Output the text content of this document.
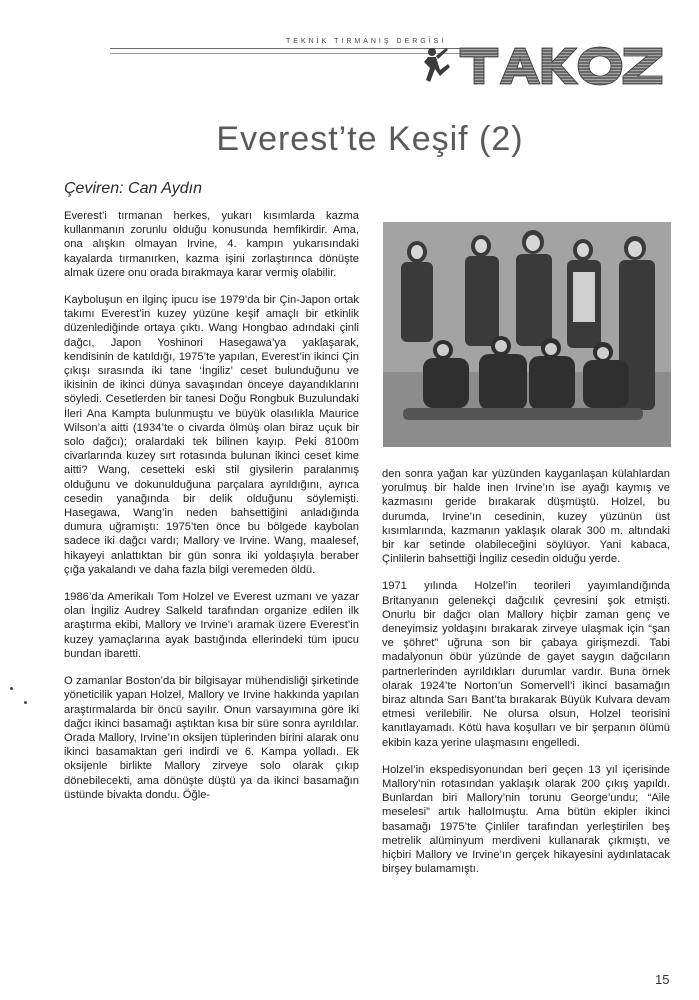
TEKNİK TIRMANIŞ DERGİSİ
Everest’te Keşif (2)
Çeviren: Can Aydın

Everest’i tırmanan herkes, yukarı kısımlarda kazma kullanmanın zorunlu olduğu konusunda hemfikirdir. Ama, ona alışkın olmayan Irvine, 4. kampın yukarısındaki kayalarda tırmanırken, kazma işini zorlaştırınca dönüşte almak üzere onu orada bırakmaya karar vermiş olabilir.

Kayboluşun en ilginç ipucu ise 1979’da bir Çin-Japon ortak takımı Everest’in kuzey yüzüne keşif amaçlı bir etkinlik düzenlediğinde ortaya çıktı. Wang Hongbao adındaki çinli dağcı, Japon Yoshinori Hasegawa’ya yaklaşarak, kendisinin de katıldığı, 1975’te yapılan, Everest’in ikinci Çin çıkışı sırasında iki tane ‘İngiliz’ ceset bulunduğunu ve ikisinin de ikinci dünya savaşından önceye dayandıklarını söyledi. Cesetlerden bir tanesi Doğu Rongbuk Buzulundaki İleri Ana Kampta bulunmuştu ve büyük olasılıkla Maurice Wilson’a aitti (1934’te o civarda ölmüş olan biraz uçuk bir solo dağcı); oralardaki tek bilinen kayıp. Peki 8100m civarlarında kuzey sırt rotasında bulunan ikinci ceset kime aitti? Wang, cesetteki eski stil giysilerin paralanmış olduğunu ve dokunulduğuna parçalara ayrıldığını, ayrıca cesedin yanağında bir delik olduğunu söylemişti. Hasegawa, Wang’in neden bahsettiğini anladığında dumura uğramıştı: 1975’ten önce bu bölgede kaybolan sadece iki dağcı vardı; Mallory ve Irvine. Wang, maalesef, hikayeyi anlattıktan bir gün sonra iki yoldaşıyla beraber çığa yakalandı ve daha fazla bilgi veremeden öldü.

1986’da Amerikalı Tom Holzel ve Everest uzmanı ve yazar olan İngiliz Audrey Salkeld tarafından organize edilen ilk araştırma ekibi, Mallory ve Irvine’ı aramak üzere Everest’in kuzey yamaçlarına ayak bastığında ellerindeki tüm ipucu bundan ibaretti.

O zamanlar Boston’da bir bilgisayar mühendisliği şirketinde yöneticilik yapan Holzel, Mallory ve Irvine hakkında yapılan araştırmalarda bir öncü sayılır. Onun varsayımına göre iki dağcı ikinci basamağı aştıktan kısa bir süre sonra ayrıldılar. Orada Mallory, Irvine’ın oksijen tüplerinden birini alarak onu ikinci basamaktan geri indirdi ve 6. Kampa yolladı. Ek oksijenle birlikte Mallory zirveye solo olarak çıkıp dönebilecekti, ama dönüşte düştü ya da ikinci basamağın üstünde bivakta dondu. Öğle-

den sonra yağan kar yüzünden kayganlaşan külahlardan yorulmuş bir halde inen Irvine’ın ise ayağı kaymış ve kazmasını geride bırakarak düşmüştü. Holzel, bu durumda, Irvine’ın cesedinin, kuzey yüzünün üst kısımlarında, kazmanın yaklaşık olarak 300 m. altındaki bir kar setinde olabileceğini söylüyor. Yani kabaca, Çinlilerin bahsettiği İngiliz cesedin olduğu yerde.

1971 yılında Holzel’in teorileri yayımlandığında Britanyanın gelenekçi dağcılık çevresini şok etmişti. Onurlu bir dağcı olan Mallory hiçbir zaman genç ve deneyimsiz yoldaşını bırakarak zirveye ulaşmak için “şan ve şöhret” uğruna son bir çabaya girişmezdi. Tabi madalyonun öbür yüzünde de gayet saygın dağcıların partnerlerinden ayrıldıkları durumlar vardır. Buna örnek olarak 1924’te Norton’un Somervell’i ikinci basamağın biraz altında Sarı Bant’ta bırakarak Büyük Kulvara devam etmesi verilebilir. Ne olursa olsun, Holzel teorisini kanıtlayamadı. Kötü hava koşulları ve bir şerpanın ölümü ekibin kaza yerine ulaşmasını engelledi.

Holzel’in ekspedisyonundan beri geçen 13 yıl içerisinde Mallory’nin rotasından yaklaşık olarak 200 çıkış yapıldı. Bunlardan biri Mallory’nin torunu George’undu; “Aile meselesi” artık halloImuştu. Ama bütün ekipler ikinci basamağı 1975’te Çinliler tarafından yerleştirilen beş metrelik alüminyum merdiveni kullanarak çıkmıştı, ve hiçbiri Mallory ve Irvine’ın gerçek hikayesini aydınlatacak birşey bulamamıştı.

15
